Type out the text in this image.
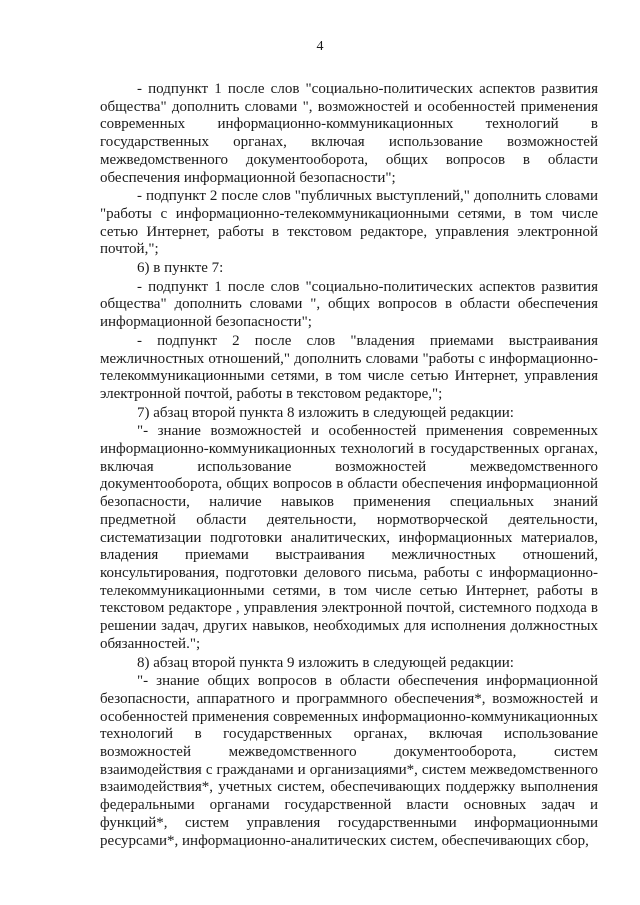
4

- подпункт 1 после слов "социально-политических аспектов развития общества" дополнить словами ", возможностей и особенностей применения современных информационно-коммуникационных технологий в государственных органах, включая использование возможностей межведомственного документооборота, общих вопросов в области обеспечения информационной безопасности";

- подпункт 2 после слов "публичных выступлений," дополнить словами "работы с информационно-телекоммуникационными сетями, в том числе сетью Интернет, работы в текстовом редакторе, управления электронной почтой,";

6) в пункте 7:

- подпункт 1 после слов "социально-политических аспектов развития общества" дополнить словами ", общих вопросов в области обеспечения информационной безопасности";

- подпункт 2 после слов "владения приемами выстраивания межличностных отношений," дополнить словами "работы с информационно-телекоммуникационными сетями, в том числе сетью Интернет, управления электронной почтой, работы в текстовом редакторе,";

7) абзац второй пункта 8 изложить в следующей редакции:

"- знание возможностей и особенностей применения современных информационно-коммуникационных технологий в государственных органах, включая использование возможностей межведомственного документооборота, общих вопросов в области обеспечения информационной безопасности, наличие навыков применения специальных знаний предметной области деятельности, нормотворческой деятельности, систематизации подготовки аналитических, информационных материалов, владения приемами выстраивания межличностных отношений, консультирования, подготовки делового письма, работы с информационно-телекоммуникационными сетями, в том числе сетью Интернет, работы в текстовом редакторе , управления электронной почтой, системного подхода в решении задач, других навыков, необходимых для исполнения должностных обязанностей.";

8) абзац второй пункта 9 изложить в следующей редакции:

"- знание общих вопросов в области обеспечения информационной безопасности, аппаратного и программного обеспечения*, возможностей и особенностей применения современных информационно-коммуникационных технологий в государственных органах, включая использование возможностей межведомственного документооборота, систем взаимодействия с гражданами и организациями*, систем межведомственного взаимодействия*, учетных систем, обеспечивающих поддержку выполнения федеральными органами государственной власти основных задач и функций*, систем управления государственными информационными ресурсами*, информационно-аналитических систем, обеспечивающих сбор,
